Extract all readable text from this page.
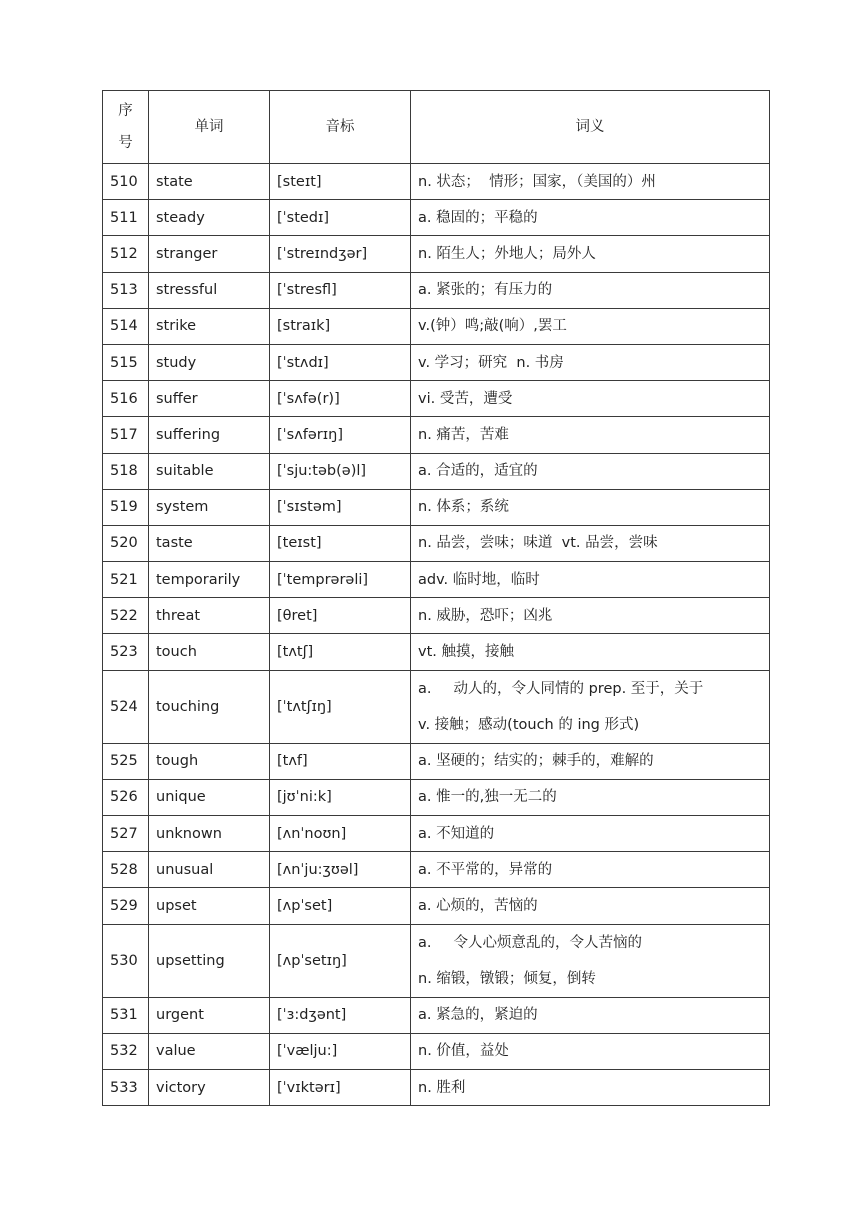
序
号	单词	音标	词义
510	state	[steɪt]	n. 状态；  情形；国家，（美国的）州
511	steady	[ˈstedɪ]	a. 稳固的；平稳的
512	stranger	[ˈstreɪndʒər]	n. 陌生人；外地人；局外人
513	stressful	[ˈstresfl]	a. 紧张的；有压力的
514	strike	[straɪk]	v.(钟）鸣;敲(响）,罢工
515	study	[ˈstʌdɪ]	v. 学习；研究  n. 书房
516	suffer	[ˈsʌfə(r)]	vi. 受苦，遭受
517	suffering	[ˈsʌfərɪŋ]	n. 痛苦，苦难
518	suitable	[ˈsju:təb(ə)l]	a. 合适的，适宜的
519	system	[ˈsɪstəm]	n. 体系；系统
520	taste	[teɪst]	n. 品尝，尝味；味道  vt. 品尝，尝味
521	temporarily	[ˈtemprərəli]	adv. 临时地，临时
522	threat	[θret]	n. 威胁，恐吓；凶兆
523	touch	[tʌtʃ]	vt. 触摸，接触
524	touching	[ˈtʌtʃɪŋ]	a. 动人的，令人同情的 prep. 至于，关于
v. 接触；感动(touch 的 ing 形式)

525	tough	[tʌf]	a. 坚硬的；结实的；棘手的，难解的
526	unique	[jʊˈni:k]	a. 惟一的,独一无二的
527	unknown	[ʌnˈnoʊn]	a. 不知道的
528	unusual	[ʌnˈju:ʒʊəl]	a. 不平常的，异常的
529	upset	[ʌpˈset]	a. 心烦的，苦恼的
530	upsetting	[ʌpˈsetɪŋ]	a. 令人心烦意乱的，令人苦恼的
n. 缩锻，镦锻；倾复，倒转

531	urgent	[ˈɜ:dʒənt]	a. 紧急的，紧迫的
532	value	[ˈvælju:]	n. 价值，益处
533	victory	[ˈvɪktərɪ]	n. 胜利
